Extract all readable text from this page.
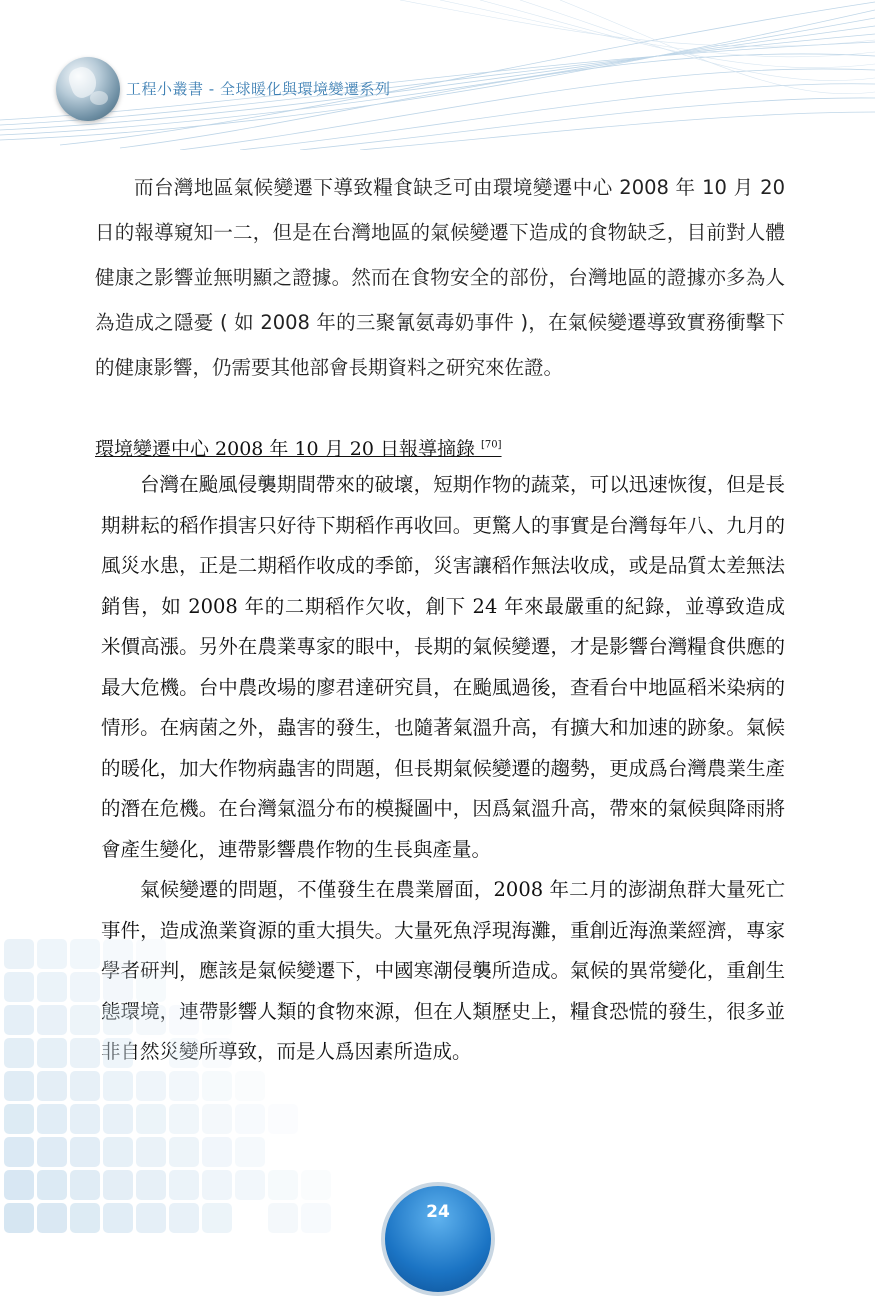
工程小叢書 - 全球暖化與環境變遷系列

而台灣地區氣候變遷下導致糧食缺乏可由環境變遷中心 2008 年 10 月 20 日的報導窺知一二，但是在台灣地區的氣候變遷下造成的食物缺乏，目前對人體健康之影響並無明顯之證據。然而在食物安全的部份，台灣地區的證據亦多為人為造成之隱憂 ( 如 2008 年的三聚氰氨毒奶事件 )，在氣候變遷導致實務衝擊下的健康影響，仍需要其他部會長期資料之研究來佐證。

環境變遷中心 2008 年 10 月 20 日報導摘錄 [70]

台灣在颱風侵襲期間帶來的破壞，短期作物的蔬菜，可以迅速恢復，但是長期耕耘的稻作損害只好待下期稻作再收回。更驚人的事實是台灣每年八、九月的風災水患，正是二期稻作收成的季節，災害讓稻作無法收成，或是品質太差無法銷售，如 2008 年的二期稻作欠收，創下 24 年來最嚴重的紀錄，並導致造成米價高漲。另外在農業專家的眼中，長期的氣候變遷，才是影響台灣糧食供應的最大危機。台中農改場的廖君達研究員，在颱風過後，查看台中地區稻米染病的情形。在病菌之外，蟲害的發生，也隨著氣溫升高，有擴大和加速的跡象。氣候的暖化，加大作物病蟲害的問題，但長期氣候變遷的趨勢，更成爲台灣農業生產的潛在危機。在台灣氣溫分布的模擬圖中，因爲氣溫升高，帶來的氣候與降雨將會產生變化，連帶影響農作物的生長與產量。

氣候變遷的問題，不僅發生在農業層面，2008 年二月的澎湖魚群大量死亡事件，造成漁業資源的重大損失。大量死魚浮現海灘，重創近海漁業經濟，專家學者研判，應該是氣候變遷下，中國寒潮侵襲所造成。氣候的異常變化，重創生態環境，連帶影響人類的食物來源，但在人類歷史上，糧食恐慌的發生，很多並非自然災變所導致，而是人爲因素所造成。

24
